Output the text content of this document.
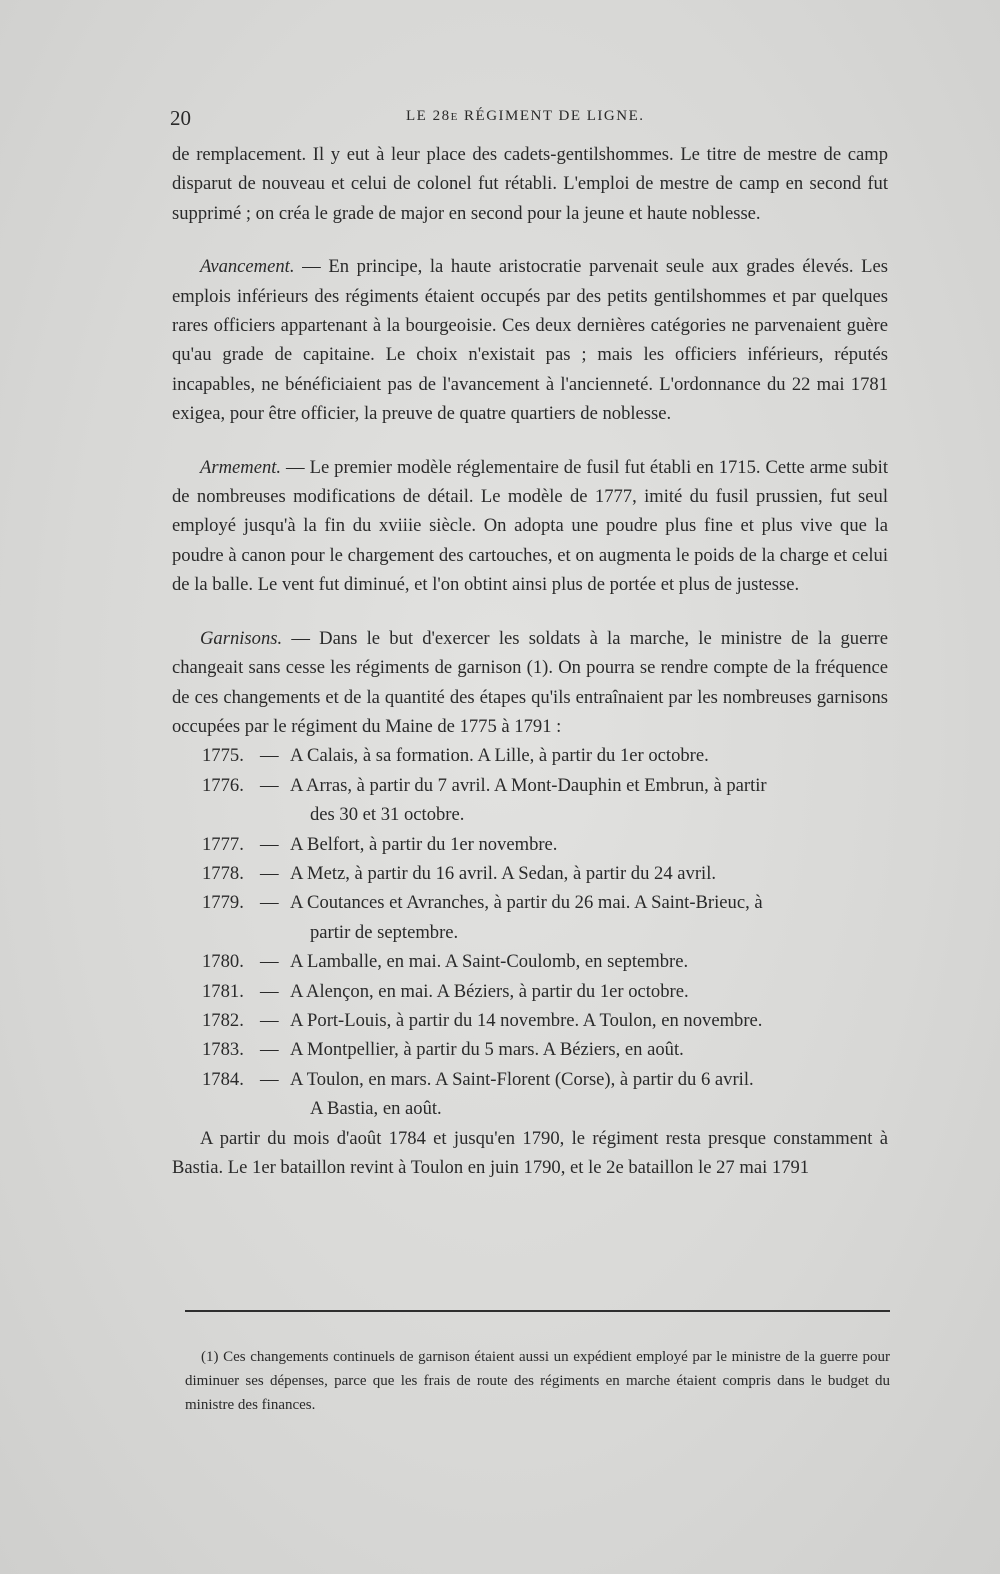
20	LE 28e RÉGIMENT DE LIGNE.

de remplacement. Il y eut à leur place des cadets-gentilshommes. Le titre de mestre de camp disparut de nouveau et celui de colonel fut rétabli. L'emploi de mestre de camp en second fut supprimé ; on créa le grade de major en second pour la jeune et haute noblesse.

Avancement. — En principe, la haute aristocratie parvenait seule aux grades élevés. Les emplois inférieurs des régiments étaient occupés par des petits gentilshommes et par quelques rares officiers appartenant à la bourgeoisie. Ces deux dernières catégories ne parvenaient guère qu'au grade de capitaine. Le choix n'existait pas ; mais les officiers inférieurs, réputés incapables, ne bénéficiaient pas de l'avancement à l'ancienneté. L'ordonnance du 22 mai 1781 exigea, pour être officier, la preuve de quatre quartiers de noblesse.

Armement. — Le premier modèle réglementaire de fusil fut établi en 1715. Cette arme subit de nombreuses modifications de détail. Le modèle de 1777, imité du fusil prussien, fut seul employé jusqu'à la fin du xviiie siècle. On adopta une poudre plus fine et plus vive que la poudre à canon pour le chargement des cartouches, et on augmenta le poids de la charge et celui de la balle. Le vent fut diminué, et l'on obtint ainsi plus de portée et plus de justesse.

Garnisons. — Dans le but d'exercer les soldats à la marche, le ministre de la guerre changeait sans cesse les régiments de garnison (1). On pourra se rendre compte de la fréquence de ces changements et de la quantité des étapes qu'ils entraînaient par les nombreuses garnisons occupées par le régiment du Maine de 1775 à 1791 :

1775. — A Calais, à sa formation. A Lille, à partir du 1er octobre.
1776. — A Arras, à partir du 7 avril. A Mont-Dauphin et Embrun, à partir
des 30 et 31 octobre.
1777. — A Belfort, à partir du 1er novembre.
1778. — A Metz, à partir du 16 avril. A Sedan, à partir du 24 avril.
1779. — A Coutances et Avranches, à partir du 26 mai. A Saint-Brieuc, à
partir de septembre.
1780. — A Lamballe, en mai. A Saint-Coulomb, en septembre.
1781. — A Alençon, en mai. A Béziers, à partir du 1er octobre.
1782. — A Port-Louis, à partir du 14 novembre. A Toulon, en novembre.
1783. — A Montpellier, à partir du 5 mars. A Béziers, en août.
1784. — A Toulon, en mars. A Saint-Florent (Corse), à partir du 6 avril.
A Bastia, en août.

A partir du mois d'août 1784 et jusqu'en 1790, le régiment resta presque constamment à Bastia. Le 1er bataillon revint à Toulon en juin 1790, et le 2e bataillon le 27 mai 1791

(1) Ces changements continuels de garnison étaient aussi un expédient employé par le ministre de la guerre pour diminuer ses dépenses, parce que les frais de route des régiments en marche étaient compris dans le budget du ministre des finances.
